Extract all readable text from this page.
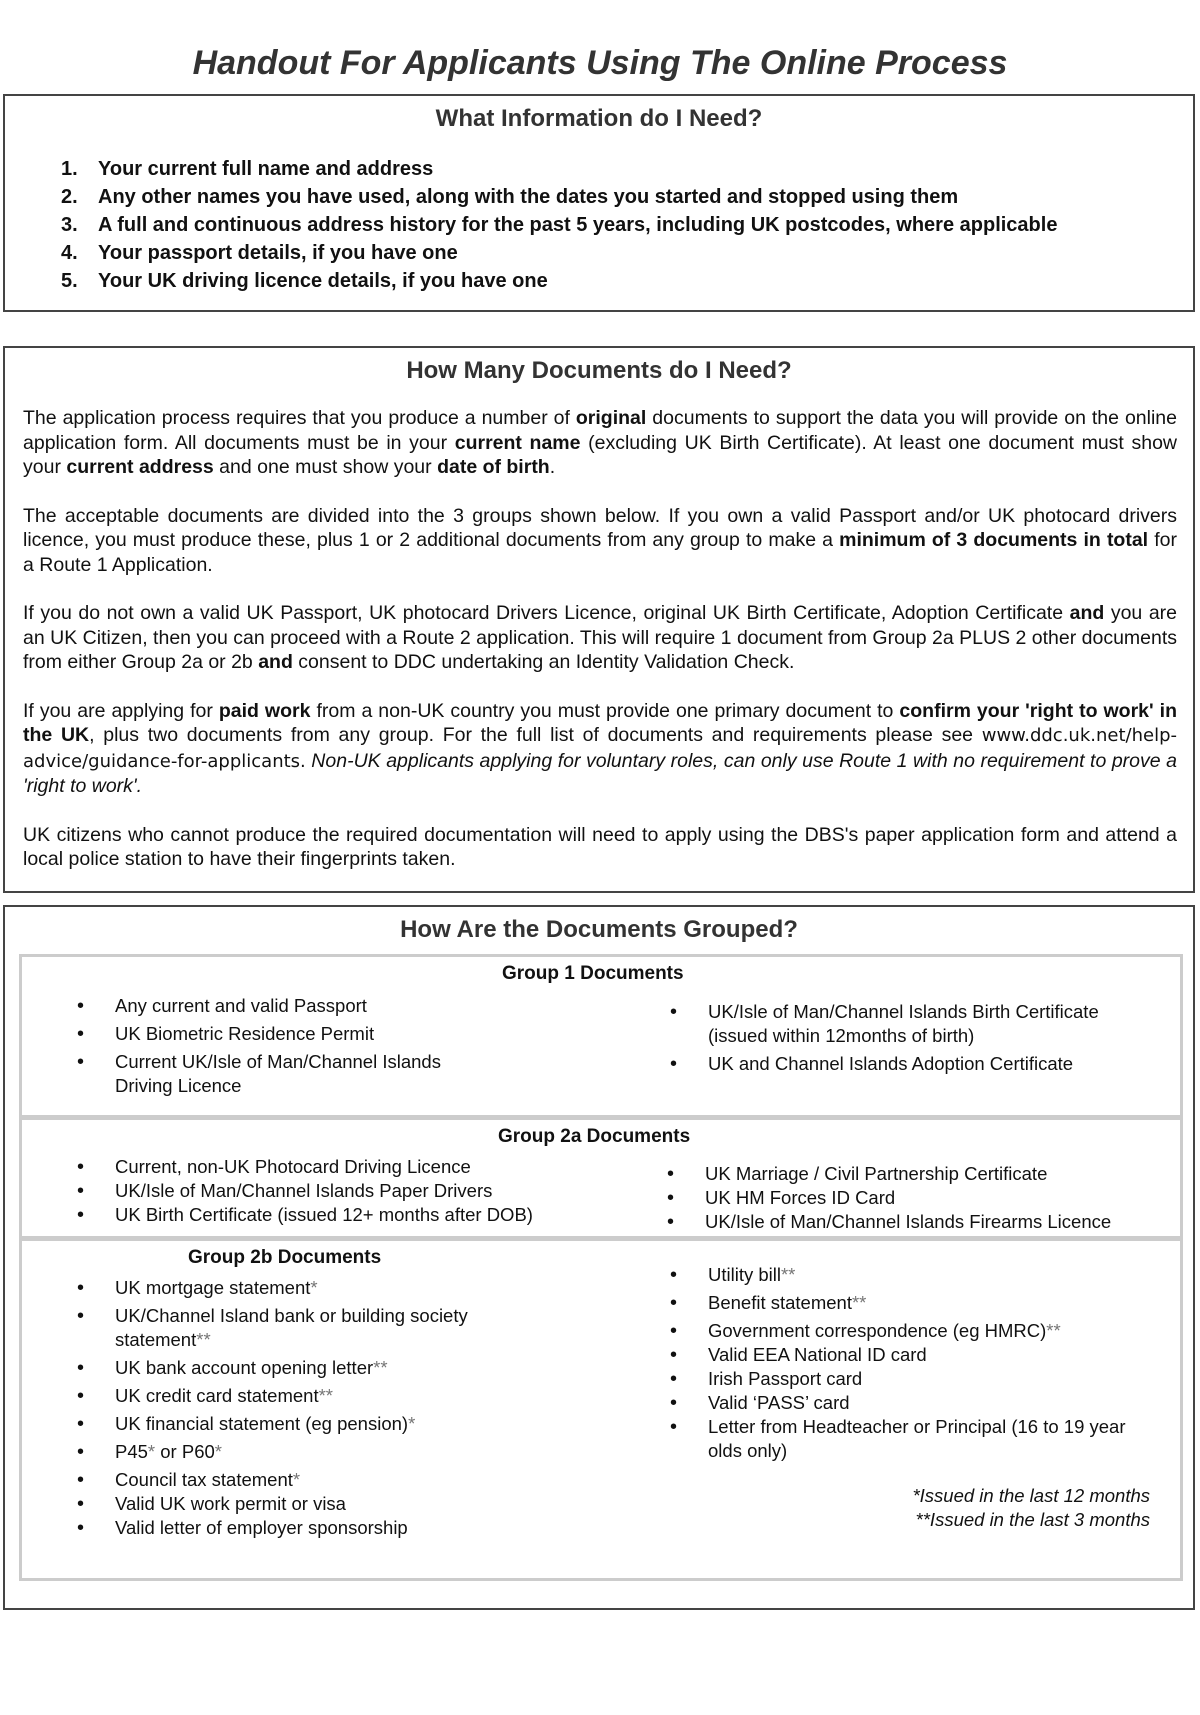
Handout For Applicants Using The Online Process
What Information do I Need?
1. Your current full name and address
2. Any other names you have used, along with the dates you started and stopped using them
3. A full and continuous address history for the past 5 years, including UK postcodes, where applicable
4. Your passport details, if you have one
5. Your UK driving licence details, if you have one
How Many Documents do I Need?

The application process requires that you produce a number of original documents to support the data you will provide on the online application form. All documents must be in your current name (excluding UK Birth Certificate). At least one document must show your current address and one must show your date of birth.

The acceptable documents are divided into the 3 groups shown below. If you own a valid Passport and/or UK photocard drivers licence, you must produce these, plus 1 or 2 additional documents from any group to make a minimum of 3 documents in total for a Route 1 Application.

If you do not own a valid UK Passport, UK photocard Drivers Licence, original UK Birth Certificate, Adoption Certificate and you are an UK Citizen, then you can proceed with a Route 2 application. This will require 1 document from Group 2a PLUS 2 other documents from either Group 2a or 2b and consent to DDC undertaking an Identity Validation Check.

If you are applying for paid work from a non-UK country you must provide one primary document to confirm your 'right to work' in the UK, plus two documents from any group. For the full list of documents and requirements please see www.ddc.uk.net/help-advice/guidance-for-applicants. Non-UK applicants applying for voluntary roles, can only use Route 1 with no requirement to prove a 'right to work'.

UK citizens who cannot produce the required documentation will need to apply using the DBS's paper application form and attend a local police station to have their fingerprints taken.

How Are the Documents Grouped?
Group 1 Documents
• Any current and valid Passport
• UK Biometric Residence Permit
• Current UK/Isle of Man/Channel Islands Driving Licence
• UK/Isle of Man/Channel Islands Birth Certificate (issued within 12months of birth)
• UK and Channel Islands Adoption Certificate
Group 2a Documents
• Current, non-UK Photocard Driving Licence
• UK/Isle of Man/Channel Islands Paper Drivers
• UK Birth Certificate (issued 12+ months after DOB)
• UK Marriage / Civil Partnership Certificate
• UK HM Forces ID Card
• UK/Isle of Man/Channel Islands Firearms Licence
Group 2b Documents
• UK mortgage statement*
• UK/Channel Island bank or building society statement**
• UK bank account opening letter**
• UK credit card statement**
• UK financial statement (eg pension)*
• P45* or P60*
• Council tax statement*
• Valid UK work permit or visa
• Valid letter of employer sponsorship
• Utility bill**
• Benefit statement**
• Government correspondence (eg HMRC)**
• Valid EEA National ID card
• Irish Passport card
• Valid ‘PASS’ card
• Letter from Headteacher or Principal (16 to 19 year olds only)
*Issued in the last 12 months
**Issued in the last 3 months
